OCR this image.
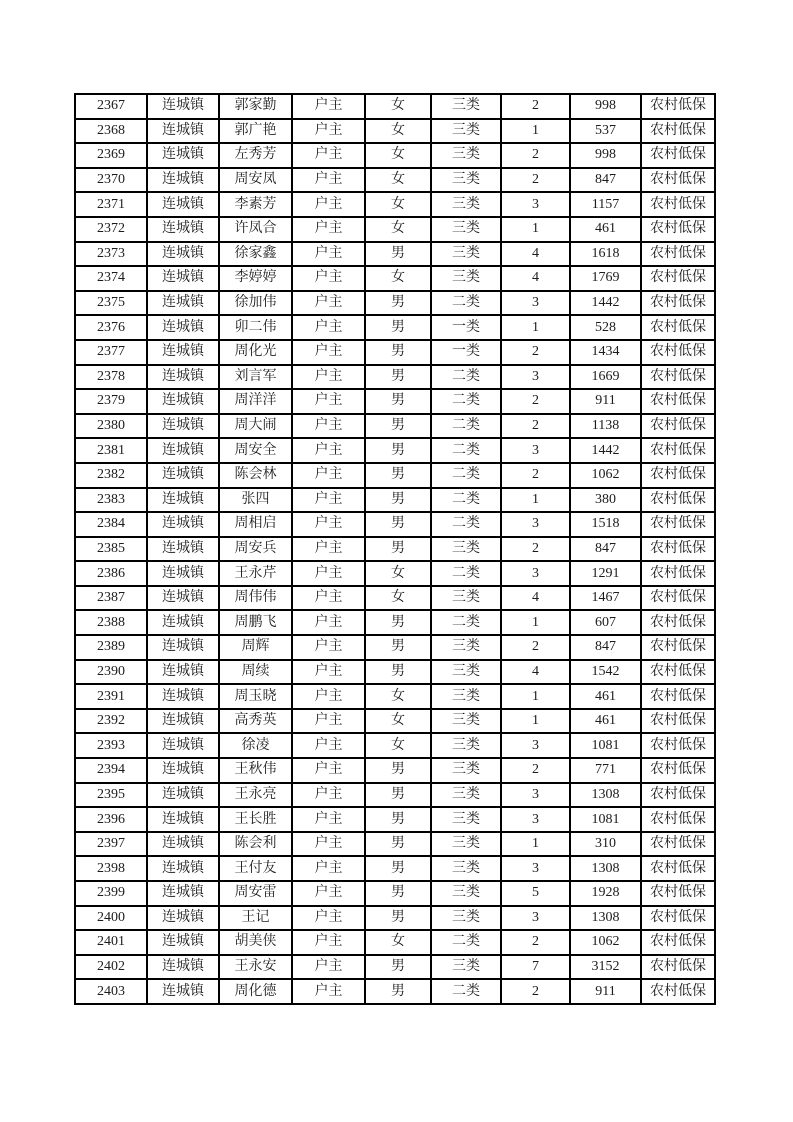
2367	连城镇	郭家勤	户主	女	三类	2	998	农村低保
2368	连城镇	郭广艳	户主	女	三类	1	537	农村低保
2369	连城镇	左秀芳	户主	女	三类	2	998	农村低保
2370	连城镇	周安凤	户主	女	三类	2	847	农村低保
2371	连城镇	李素芳	户主	女	三类	3	1157	农村低保
2372	连城镇	许凤合	户主	女	三类	1	461	农村低保
2373	连城镇	徐家鑫	户主	男	三类	4	1618	农村低保
2374	连城镇	李婷婷	户主	女	三类	4	1769	农村低保
2375	连城镇	徐加伟	户主	男	二类	3	1442	农村低保
2376	连城镇	卯二伟	户主	男	一类	1	528	农村低保
2377	连城镇	周化光	户主	男	一类	2	1434	农村低保
2378	连城镇	刘言军	户主	男	二类	3	1669	农村低保
2379	连城镇	周洋洋	户主	男	二类	2	911	农村低保
2380	连城镇	周大闹	户主	男	二类	2	1138	农村低保
2381	连城镇	周安全	户主	男	二类	3	1442	农村低保
2382	连城镇	陈会林	户主	男	二类	2	1062	农村低保
2383	连城镇	张四	户主	男	二类	1	380	农村低保
2384	连城镇	周相启	户主	男	二类	3	1518	农村低保
2385	连城镇	周安兵	户主	男	三类	2	847	农村低保
2386	连城镇	王永芹	户主	女	二类	3	1291	农村低保
2387	连城镇	周伟伟	户主	女	三类	4	1467	农村低保
2388	连城镇	周鹏飞	户主	男	二类	1	607	农村低保
2389	连城镇	周辉	户主	男	三类	2	847	农村低保
2390	连城镇	周续	户主	男	三类	4	1542	农村低保
2391	连城镇	周玉晓	户主	女	三类	1	461	农村低保
2392	连城镇	高秀英	户主	女	三类	1	461	农村低保
2393	连城镇	徐凌	户主	女	三类	3	1081	农村低保
2394	连城镇	王秋伟	户主	男	三类	2	771	农村低保
2395	连城镇	王永亮	户主	男	三类	3	1308	农村低保
2396	连城镇	王长胜	户主	男	三类	3	1081	农村低保
2397	连城镇	陈会利	户主	男	三类	1	310	农村低保
2398	连城镇	王付友	户主	男	三类	3	1308	农村低保
2399	连城镇	周安雷	户主	男	三类	5	1928	农村低保
2400	连城镇	王记	户主	男	三类	3	1308	农村低保
2401	连城镇	胡美侠	户主	女	二类	2	1062	农村低保
2402	连城镇	王永安	户主	男	三类	7	3152	农村低保
2403	连城镇	周化德	户主	男	二类	2	911	农村低保
